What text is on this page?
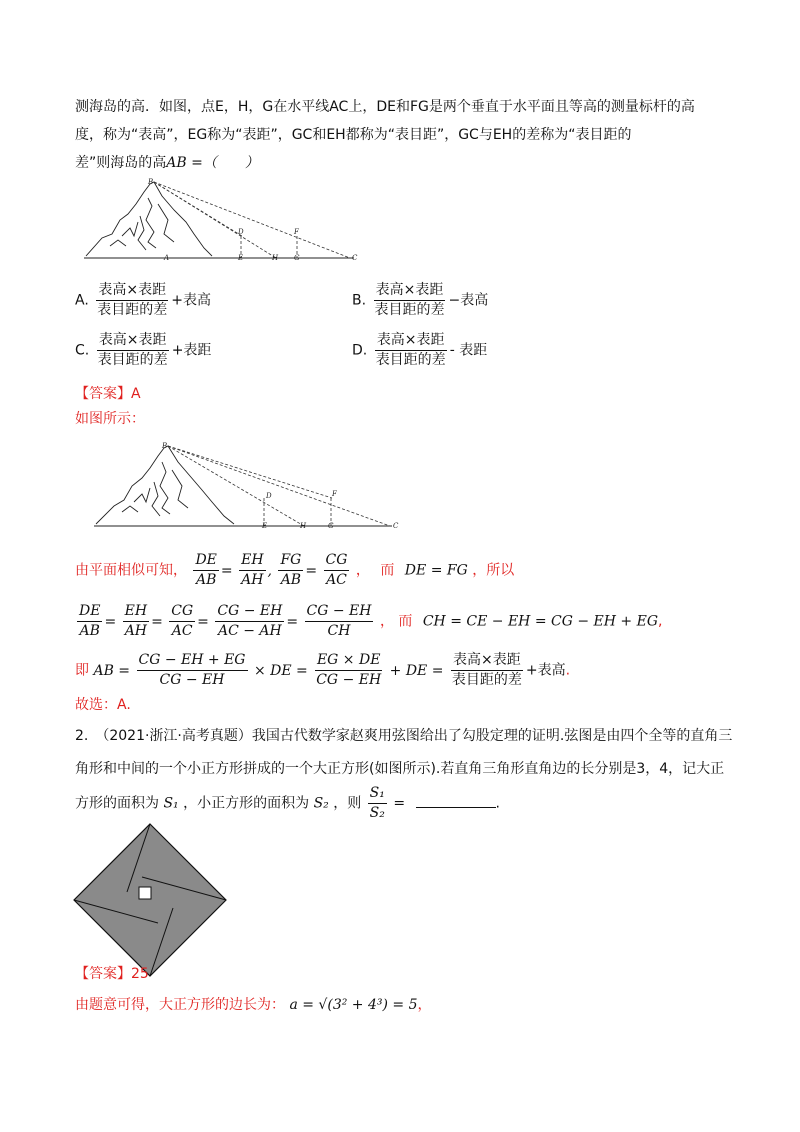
测海岛的高．如图，点E，H，G在水平线AC上，DE和FG是两个垂直于水平面且等高的测量标杆的高
度，称为“表高”，EG称为“表距”，GC和EH都称为“表目距”，GC与EH的差称为“表目距的
差”则海岛的高AB =（　　）
B
D	F
A	E	H G	C
A. $\frac{\text{表高×表距}}{\text{表目距的差}}$ +表高	B. $\frac{\text{表高×表距}}{\text{表目距的差}}$ −表高
C. $\frac{\text{表高×表距}}{\text{表目距的差}}$ +表距	D. $\frac{\text{表高×表距}}{\text{表目距的差}}$ - 表距
【答案】A
如图所示：
B
D	F
E	H	G	C
由平面相似可知， $\frac{DE}{AB} = \frac{EH}{AH}$ , $\frac{FG}{AB} = \frac{CG}{AC}$ ， 而 DE = FG ，所以
$\frac{DE}{AB} = \frac{EH}{AH} = \frac{CG}{AC} = \frac{CG - EH}{AC - AH} = \frac{CG - EH}{CH}$ ， 而 CH = CE − EH = CG − EH + EG,
即 AB = $\frac{CG - EH + EG}{CG - EH}$ × DE = $\frac{EG \times DE}{CG - EH}$ + DE = $\frac{\text{表高×表距}}{\text{表目距的差}}$ +表高.
故选：A.
2.　（2021·浙江·高考真题）我国古代数学家赵爽用弦图给出了勾股定理的证明.弦图是由四个全等的直角三
角形和中间的一个小正方形拼成的一个大正方形(如图所示).若直角三角形直角边的长分别是3，4，记大正
方形的面积为 S₁ ，小正方形的面积为 S₂ ，则 $\frac{\text{S₁}}{\text{S₂}}$ =	.
【答案】25
由题意可得，大正方形的边长为： a = √(3² + 4³) = 5，
